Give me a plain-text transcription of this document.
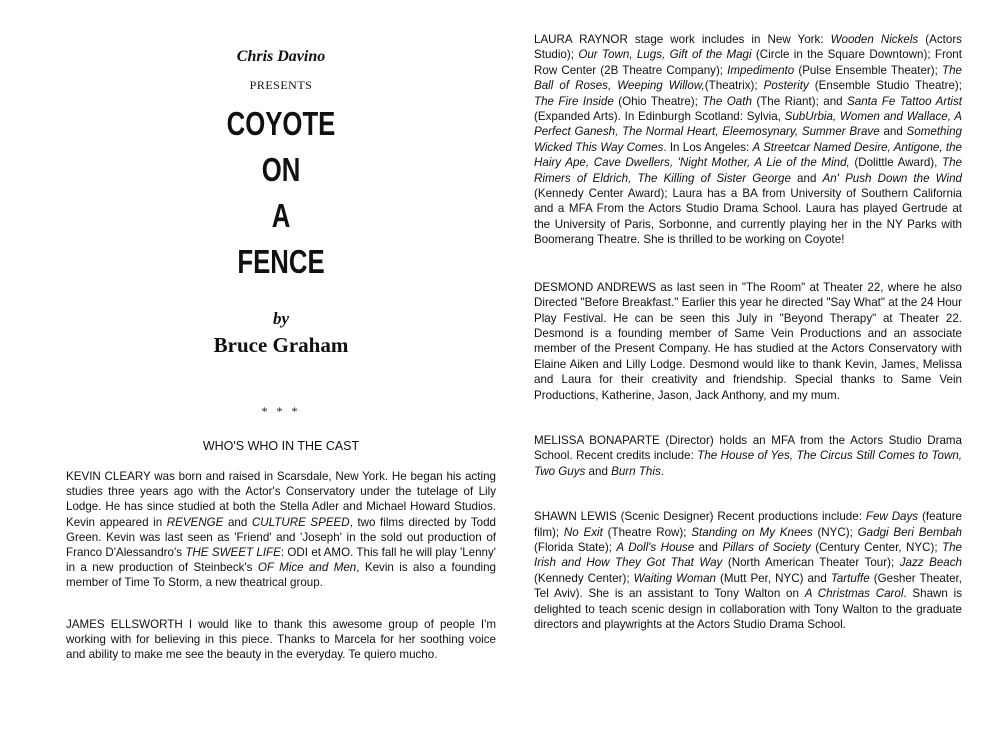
Chris Davino
PRESENTS
COYOTE
ON
A
FENCE
by
Bruce Graham
* * *
WHO'S WHO IN THE CAST

KEVIN CLEARY was born and raised in Scarsdale, New York. He began his acting studies three years ago with the Actor's Conservatory under the tutelage of Lily Lodge. He has since studied at both the Stella Adler and Michael Howard Studios. Kevin appeared in REVENGE and CULTURE SPEED, two films directed by Todd Green. Kevin was last seen as 'Friend' and 'Joseph' in the sold out production of Franco D'Alessandro's THE SWEET LIFE: ODI et AMO. This fall he will play 'Lenny' in a new production of Steinbeck's OF Mice and Men, Kevin is also a founding member of Time To Storm, a new theatrical group.

JAMES ELLSWORTH I would like to thank this awesome group of people I'm working with for believing in this piece. Thanks to Marcela for her soothing voice and ability to make me see the beauty in the everyday. Te quiero mucho.

LAURA RAYNOR stage work includes in New York: Wooden Nickels (Actors Studio); Our Town, Lugs, Gift of the Magi (Circle in the Square Downtown); Front Row Center (2B Theatre Company); Impedimento (Pulse Ensemble Theater); The Ball of Roses, Weeping Willow,(Theatrix); Posterity (Ensemble Studio Theatre); The Fire Inside (Ohio Theatre); The Oath (The Riant); and Santa Fe Tattoo Artist (Expanded Arts). In Edinburgh Scotland: Sylvia, SubUrbia, Women and Wallace, A Perfect Ganesh, The Normal Heart, Eleemosynary, Summer Brave and Something Wicked This Way Comes. In Los Angeles: A Streetcar Named Desire, Antigone, the Hairy Ape, Cave Dwellers, 'Night Mother, A Lie of the Mind, (Dolittle Award), The Rimers of Eldrich, The Killing of Sister George and An' Push Down the Wind (Kennedy Center Award); Laura has a BA from University of Southern California and a MFA From the Actors Studio Drama School. Laura has played Gertrude at the University of Paris, Sorbonne, and currently playing her in the NY Parks with Boomerang Theatre. She is thrilled to be working on Coyote!

DESMOND ANDREWS as last seen in "The Room" at Theater 22, where he also Directed "Before Breakfast." Earlier this year he directed "Say What" at the 24 Hour Play Festival. He can be seen this July in "Beyond Therapy" at Theater 22. Desmond is a founding member of Same Vein Productions and an associate member of the Present Company. He has studied at the Actors Conservatory with Elaine Aiken and Lilly Lodge. Desmond would like to thank Kevin, James, Melissa and Laura for their creativity and friendship. Special thanks to Same Vein Productions, Katherine, Jason, Jack Anthony, and my mum.

MELISSA BONAPARTE (Director) holds an MFA from the Actors Studio Drama School. Recent credits include: The House of Yes, The Circus Still Comes to Town, Two Guys and Burn This.

SHAWN LEWIS (Scenic Designer) Recent productions include: Few Days (feature film); No Exit (Theatre Row); Standing on My Knees (NYC); Gadgi Beri Bembah (Florida State); A Doll's House and Pillars of Society (Century Center, NYC); The Irish and How They Got That Way (North American Theater Tour); Jazz Beach (Kennedy Center); Waiting Woman (Mutt Per, NYC) and Tartuffe (Gesher Theater, Tel Aviv). She is an assistant to Tony Walton on A Christmas Carol. Shawn is delighted to teach scenic design in collaboration with Tony Walton to the graduate directors and playwrights at the Actors Studio Drama School.
